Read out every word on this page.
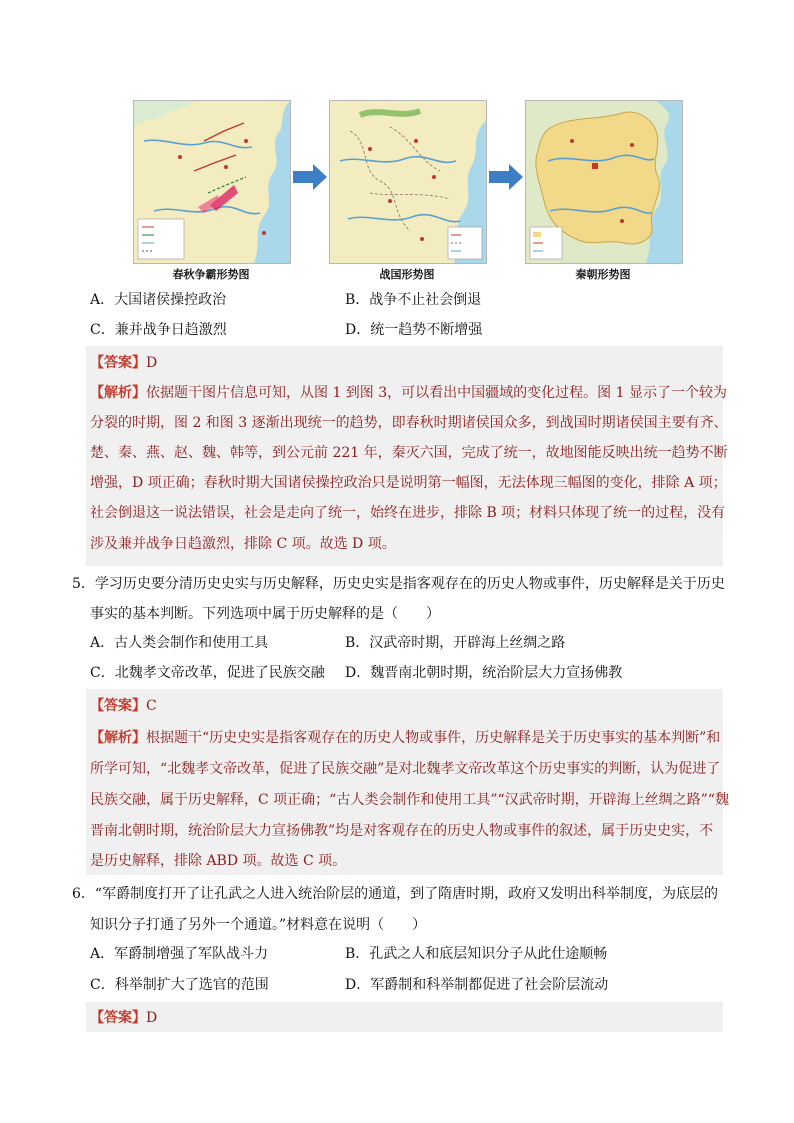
春秋争霸形势图	战国形势图	秦朝形势图
A．大国诸侯操控政治	B．战争不止社会倒退
C．兼并战争日趋激烈	D．统一趋势不断增强
【答案】D
【解析】依据题干图片信息可知，从图 1 到图 3，可以看出中国疆域的变化过程。图 1 显示了一个较为
分裂的时期，图 2 和图 3 逐渐出现统一的趋势，即春秋时期诸侯国众多，到战国时期诸侯国主要有齐、
楚、秦、燕、赵、魏、韩等，到公元前 221 年，秦灭六国，完成了统一，故地图能反映出统一趋势不断
增强，D 项正确；春秋时期大国诸侯操控政治只是说明第一幅图，无法体现三幅图的变化，排除 A 项；
社会倒退这一说法错误，社会是走向了统一，始终在进步，排除 B 项；材料只体现了统一的过程，没有
涉及兼并战争日趋激烈，排除 C 项。故选 D 项。
5．学习历史要分清历史史实与历史解释，历史史实是指客观存在的历史人物或事件，历史解释是关于历史
事实的基本判断。下列选项中属于历史解释的是（　　）
A．古人类会制作和使用工具	B．汉武帝时期，开辟海上丝绸之路
C．北魏孝文帝改革，促进了民族交融 D．魏晋南北朝时期，统治阶层大力宣扬佛教
【答案】C
【解析】根据题干“历史史实是指客观存在的历史人物或事件，历史解释是关于历史事实的基本判断”和
所学可知，“北魏孝文帝改革，促进了民族交融”是对北魏孝文帝改革这个历史事实的判断，认为促进了
民族交融，属于历史解释，C 项正确；“古人类会制作和使用工具”“汉武帝时期，开辟海上丝绸之路”“魏
晋南北朝时期，统治阶层大力宣扬佛教”均是对客观存在的历史人物或事件的叙述，属于历史史实，不
是历史解释，排除 ABD 项。故选 C 项。
6．“军爵制度打开了让孔武之人进入统治阶层的通道，到了隋唐时期，政府又发明出科举制度，为底层的
知识分子打通了另外一个通道。”材料意在说明（　　）
A．军爵制增强了军队战斗力	B．孔武之人和底层知识分子从此仕途顺畅
C．科举制扩大了选官的范围	D．军爵制和科举制都促进了社会阶层流动
【答案】D
